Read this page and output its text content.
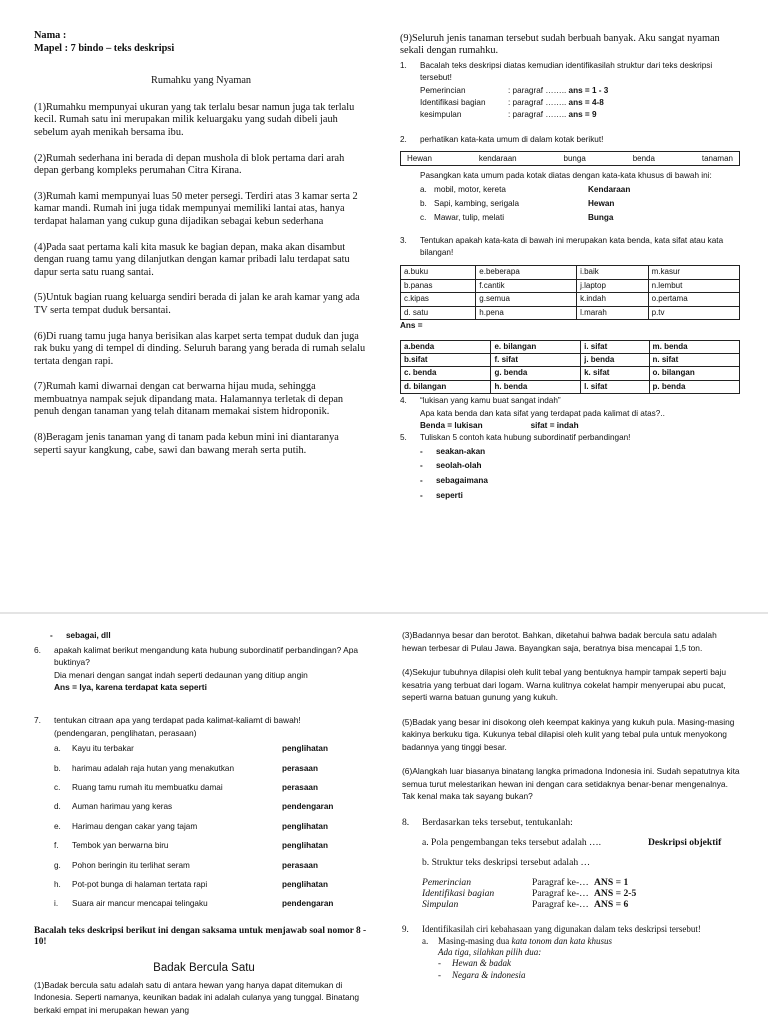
Nama :

Mapel : 7 bindo – teks deskripsi

Rumahku yang Nyaman

(1)Rumahku mempunyai ukuran yang tak terlalu besar namun juga tak terlalu kecil. Rumah satu ini merupakan milik keluargaku yang sudah dibeli jauh sebelum ayah menikah bersama ibu.

(2)Rumah sederhana ini berada di depan mushola di blok pertama dari arah depan gerbang kompleks perumahan Citra Kirana.

(3)Rumah kami mempunyai luas 50 meter persegi. Terdiri atas 3 kamar serta 2 kamar mandi. Rumah ini juga tidak mempunyai memiliki lantai atas, hanya terdapat halaman yang cukup guna dijadikan sebagai kebun sederhana

(4)Pada saat pertama kali kita masuk ke bagian depan, maka akan disambut dengan ruang tamu yang dilanjutkan dengan kamar pribadi lalu terdapat satu dapur serta satu ruang santai.

(5)Untuk bagian ruang keluarga sendiri berada di jalan ke arah kamar yang ada TV serta tempat duduk bersantai.

(6)Di ruang tamu juga hanya berisikan alas karpet serta tempat duduk dan juga rak buku yang di tempel di dinding. Seluruh barang yang berada di rumah selalu tertata dengan rapi.

(7)Rumah kami diwarnai dengan cat berwarna hijau muda, sehingga membuatnya nampak sejuk dipandang mata. Halamannya terletak di depan penuh dengan tanaman yang telah ditanam memakai sistem hidroponik.

(8)Beragam jenis tanaman yang di tanam pada kebun mini ini diantaranya seperti sayur kangkung, cabe, sawi dan bawang merah serta putih.

(9)Seluruh jenis tanaman tersebut sudah berbuah banyak. Aku sangat nyaman sekali dengan rumahku.

1.	Bacalah teks deskripsi diatas kemudian identifikasilah struktur dari teks deskripsi tersebut!

Pemerincian	: paragraf …….. ans = 1 - 3
Identifikasi bagian	: paragraf …….. ans = 4-8
kesimpulan	: paragraf …….. ans = 9
2.	perhatikan kata-kata umum di dalam kotak berikut!

Hewan	kendaraan	bunga	benda	tanaman

Pasangkan kata umum pada kotak diatas dengan kata-kata khusus di bawah ini:

a. mobil, motor, kereta	Kendaraan
b. Sapi, kambing, serigala	Hewan
c. Mawar, tulip, melati	Bunga
3.	Tentukan apakah kata-kata di bawah ini merupakan kata benda, kata sifat atau kata bilangan!

a.buku	e.beberapa	i.baik	m.kasur
b.panas	f.cantik	j.laptop	n.lembut
c.kipas	g.semua	k.indah	o.pertama
d. satu	h.pena	l.marah	p.tv

Ans =

a.benda	e. bilangan	i. sifat	m. benda
b.sifat	f. sifat	j. benda	n. sifat
c. benda	g. benda	k. sifat	o. bilangan
d. bilangan	h. benda	l. sifat	p. benda
4.	“lukisan yang kamu buat sangat indah”

Apa kata benda dan kata sifat yang terdapat pada kalimat di atas?..

Benda = lukisan	sifat = indah

5.	Tuliskan 5 contoh kata hubung subordinatif perbandingan!

-	seakan-akan
-	seolah-olah
-	sebagaimana
-	seperti
-	sebagai, dll
6.	apakah kalimat berikut mengandung kata hubung subordinatif perbandingan? Apa buktinya?

Dia menari dengan sangat indah seperti dedaunan yang ditiup angin

Ans = Iya, karena terdapat kata seperti

7.	tentukan citraan apa yang terdapat pada kalimat-kaliamt di bawah!

(pendengaran, penglihatan, perasaan)

a.	Kayu itu terbakar	penglihatan
b.	harimau adalah raja hutan yang menakutkan	perasaan
c.	Ruang tamu rumah itu membuatku damai	perasaan
d.	Auman harimau yang keras	pendengaran
e.	Harimau dengan cakar yang tajam	penglihatan
f.	Tembok yan berwarna biru	penglihatan
g.	Pohon beringin itu terlihat seram	perasaan
h.	Pot-pot bunga di halaman tertata rapi	penglihatan
i.	Suara air mancur mencapai telingaku	pendengaran

Bacalah teks deskripsi berikut ini dengan saksama untuk menjawab soal nomor 8 - 10!

Badak Bercula Satu

(1)Badak bercula satu adalah satu di antara hewan yang hanya dapat ditemukan di Indonesia. Seperti namanya, keunikan badak ini adalah culanya yang tunggal. Binatang berkaki empat ini merupakan hewan yang

(3)Badannya besar dan berotot. Bahkan, diketahui bahwa badak bercula satu adalah hewan terbesar di Pulau Jawa. Bayangkan saja, beratnya bisa mencapai 1,5 ton.

(4)Sekujur tubuhnya dilapisi oleh kulit tebal yang bentuknya hampir tampak seperti baju kesatria yang terbuat dari logam. Warna kulitnya cokelat hampir menyerupai abu pucat, seperti warna batuan gunung yang kukuh.

(5)Badak yang besar ini disokong oleh keempat kakinya yang kukuh pula. Masing-masing kakinya berkuku tiga. Kukunya tebal dilapisi oleh kulit yang tebal pula untuk menyokong badannya yang tinggi besar.

(6)Alangkah luar biasanya binatang langka primadona Indonesia ini. Sudah sepatutnya kita semua turut melestarikan hewan ini dengan cara setidaknya benar-benar mengenalnya. Tak kenal maka tak sayang bukan?

8.	Berdasarkan teks tersebut, tentukanlah:

a. Pola pengembangan teks tersebut adalah ….	Deskripsi objektif

b. Struktur teks deskripsi tersebut adalah …

Pemerincian	Paragraf ke-… ANS = 1
Identifikasi bagian	Paragraf ke-… ANS = 2-5
Simpulan	Paragraf ke-… ANS = 6
9.	Identifikasilah ciri kebahasaan yang digunakan dalam teks deskripsi tersebut!

a.	Masing-masing dua kata tonom dan kata khusus

Ada tiga, silahkan pilih dua:

-	Hewan & badak
-	Negara & indonesia
